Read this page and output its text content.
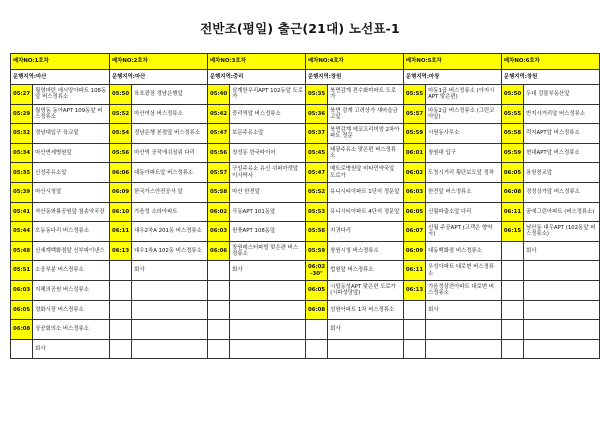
전반조(평일) 출근(21대) 노선표-1
배차NO:1호차		배차NO:2호차		배차NO:3호차		배차NO:4호차		배차NO:5호차		배차NO:6호차	
운행지역:마산		운행지역:마산		운행지역:중리		운행지역:창원		운행지역:마창		운행지역:창원	
05:27	월영마린 애시앙아파트 108동앞 버스정류소	05:50	육호광장 경남은행앞	05:40	삼계한우리APT 102동앞 도로가	05:35	북면감계 전수화미파트 도로가	05:55	마동1급 버스정류소 (아지시APT 맞은편)	05:50	두대 감물부동산앞
05:29	월영동 동아APT 109동앞 버스정류소	05:52	마산여상 버스정류소	05:42	중리역앞 버스정류소	05:36	북면 감계 고려상가 새마을금고앞	05:57	마동2급 버스정류소 (그린코아앞)	05:55	반지사거리앞 버스정류소
05:32	경남대입구 육교밑	05:54	경남은행 본점앞 버스정류소	05:47	보문주유소앞	05:37	북면감계 에코프리미엄 2차아파트 정문	05:59	시원동사무소	05:58	럭지APT앞 버스정류소
05:34	마산연세병원앞	05:56	마산역 공작에쉬징위 다리	05:56	청성동 한국타이어	05:45	태광주유소 맞은편 버스정류소	06:01	창원대 입구	05:59	현대APT앞 버스정류소
05:35	신성주유소앞	06:06	대동아파트앞 버스정류소	05:57	구암주유소 유신 쉬퍼마켓앞 이사박사	05:47	메트로병원앞 비타민약국앞 도로가	06:02	도청시거리 횡단보도앞 정차	06:05	용원천교앞
05:39	마산시청앞	06:09	한국가스안전공사 앞	05:58	마산 한전앞	05:52	유니시티아파트 1단지 정문앞	06:03	한전앞 버스정류소	06:08	경정상가앞 버스정류소
05:41	자산동와룡공원앞 첨송악국장	06:10	가음정 소라아파트	06:02	극동APT 101동앞	05:53	유니시티아파트 4단지 정문앞	06:05	신월파출소앞 다리	06:11	꿈에그린아파트 (버스정류소)
05:44	오동동다리 버스정류소	06:11	대우2차A 201동 버스정류소	06:03	원풍APT 108동앞	05:56	지귀다리	06:07	신월 주공APT (고객은 향약국)	06:15	남산동 대우APT (102동앞 버스정류소)
05:48	신세계백화점앞 신부파이낸스	06:13	대우1차A 102동 버스정류소	06:06	창원레스터파빌 맞은편 버스정류소	05:59	창원시청 버스정류소	06:09	대동백화점 버스정류소		회사
05:51	소웅부분 버스정류소		회사		회사	06:02 -30"	법원앞 버스정류소	06:11	우성아파트 대로변 버스정류소		
06:03	지혜의공원 버스정류소					06:05	시립동성APT 맞은편 도로가(시파성당앞)	06:13	가음정삼전아파트 대로변 버스정류소		
06:05	경화시장 버스정류소					06:08	성원아파트 1차 버스정류소		회사		
06:08	상공회의소 버스정류소						회사				
	회사										
